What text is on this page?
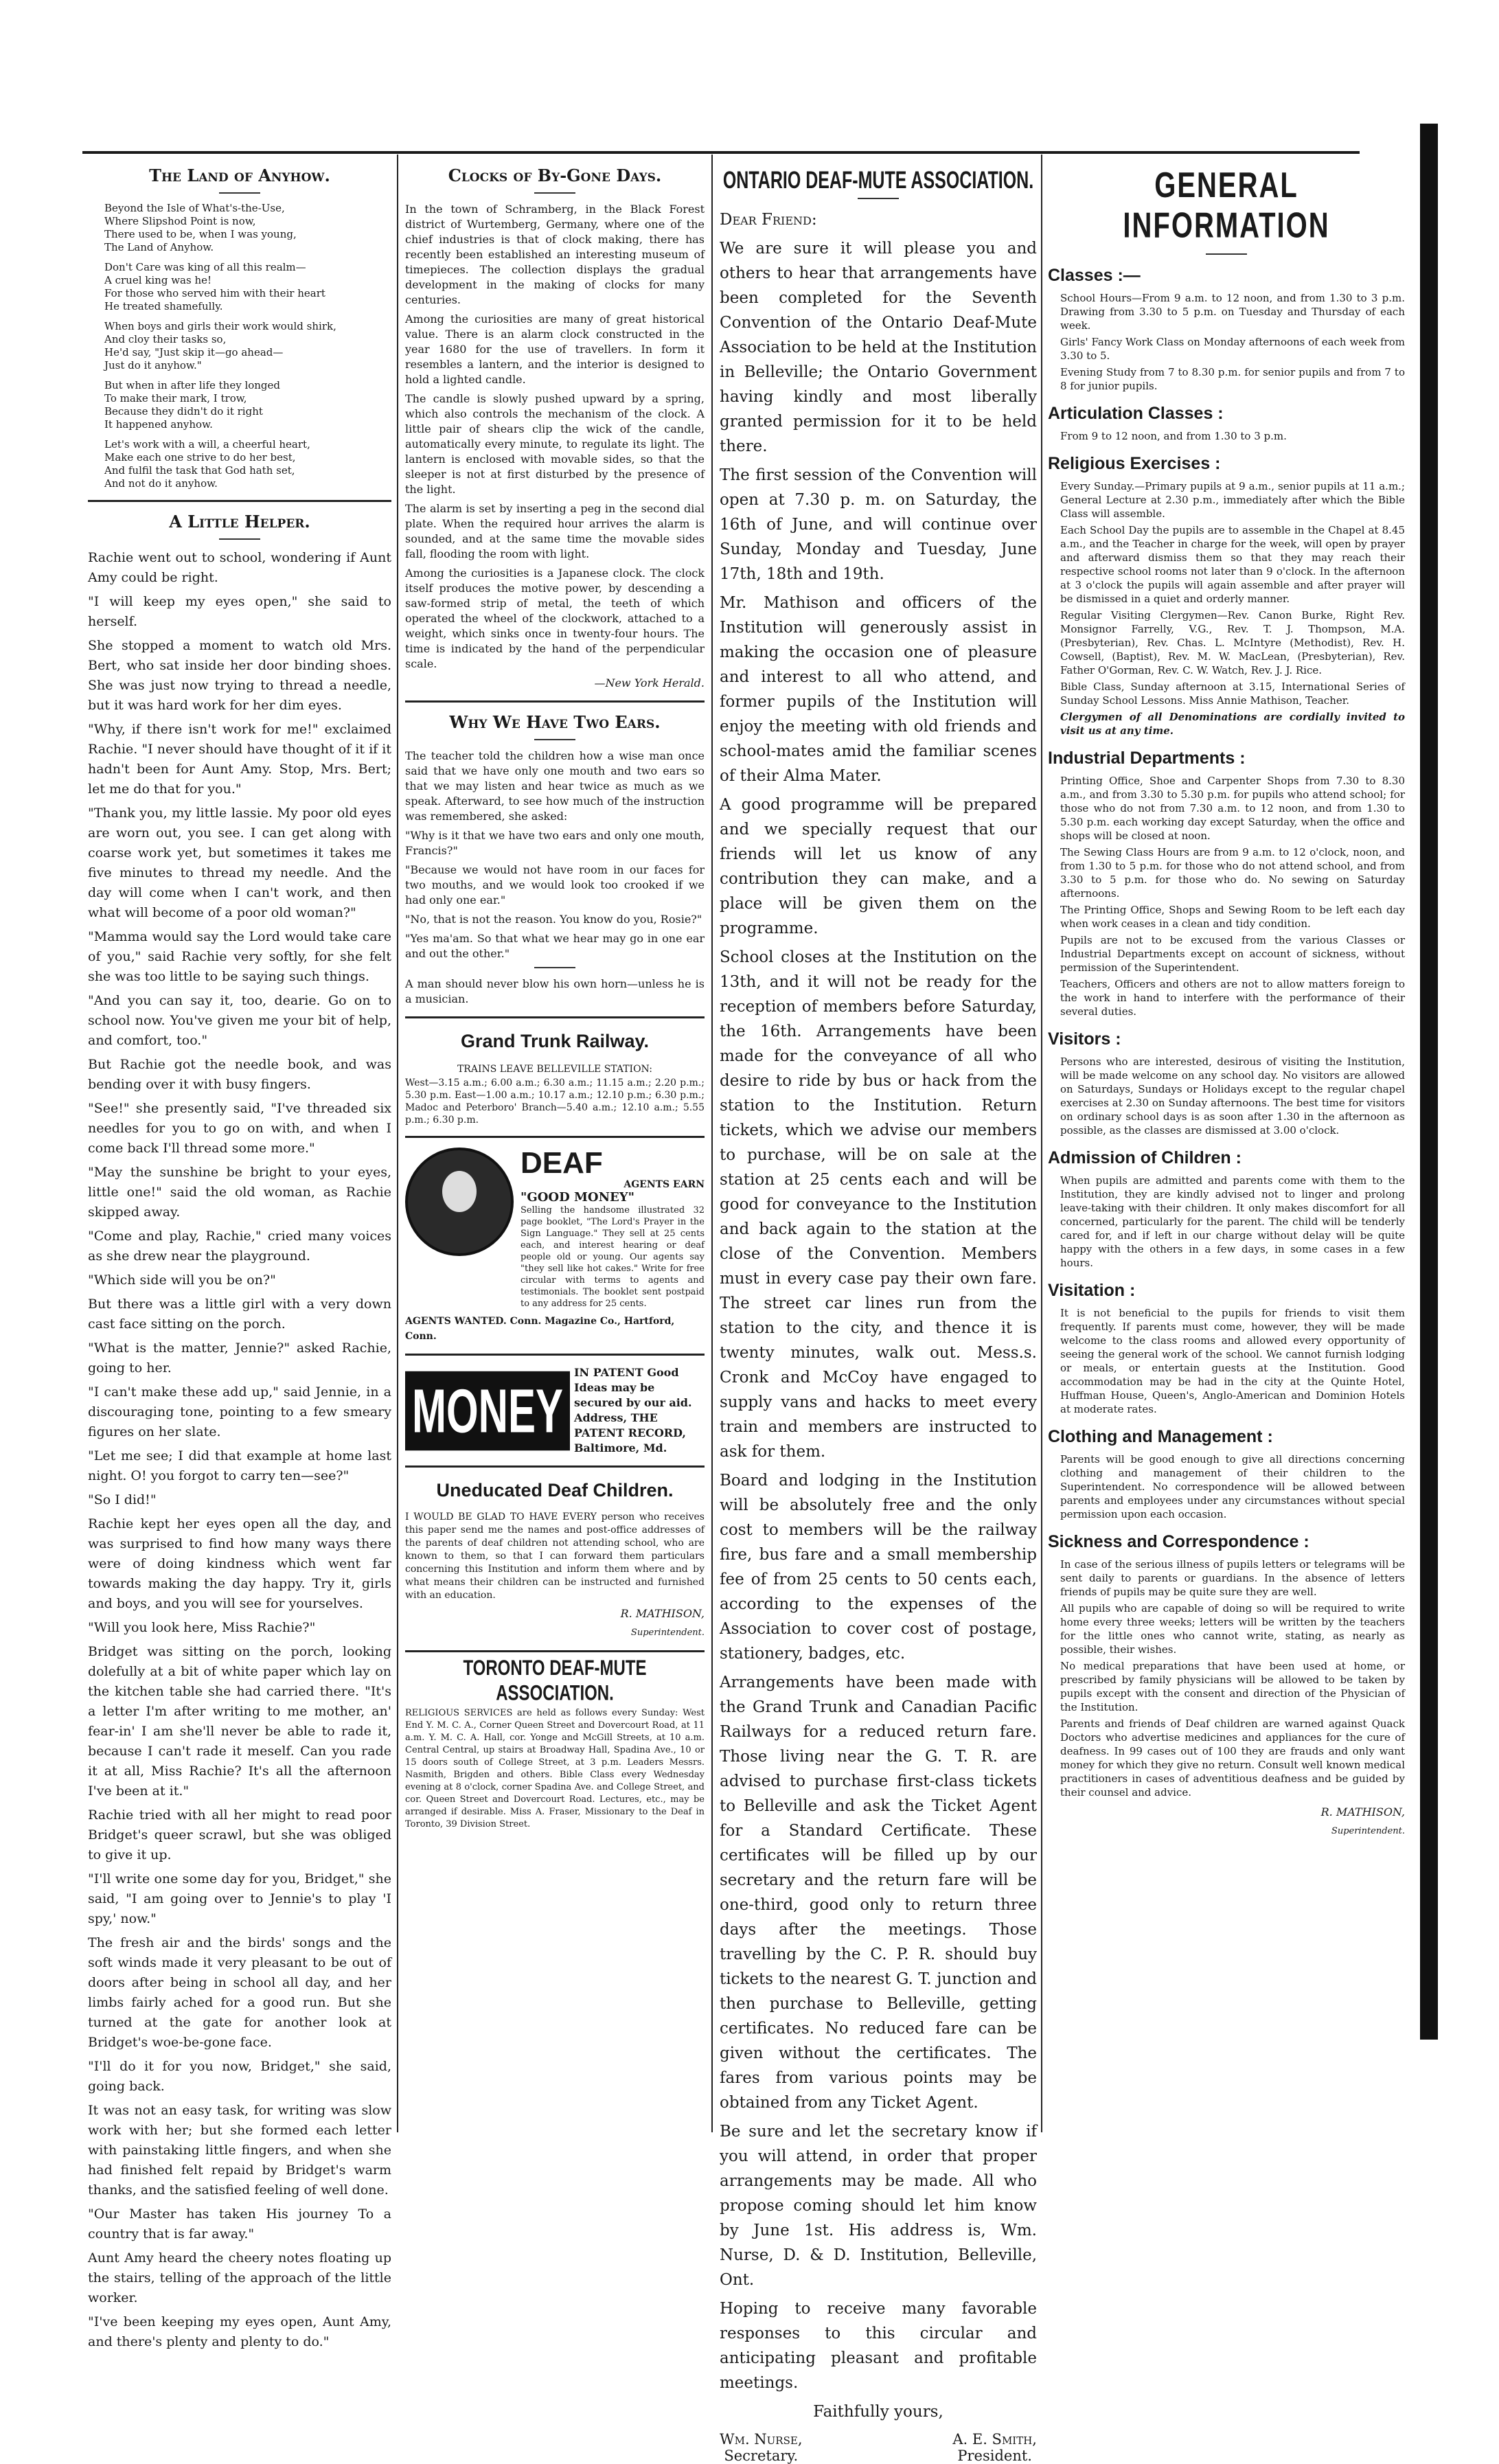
The Land of Anyhow.
Beyond the Isle of What's-the-Use,
Where Slipshod Point is now,
There used to be, when I was young,
The Land of Anyhow.
Don't Care was king of all this realm—
A cruel king was he!
For those who served him with their heart
He treated shamefully.
When boys and girls their work would shirk,
And cloy their tasks so,
He'd say, "Just skip it—go ahead—
Just do it anyhow."
But when in after life they longed
To make their mark, I trow,
Because they didn't do it right
It happened anyhow.
Let's work with a will, a cheerful heart,
Make each one strive to do her best,
And fulfil the task that God hath set,
And not do it anyhow.
A Little Helper.

Rachie went out to school, wondering if Aunt Amy could be right.

"I will keep my eyes open," she said to herself.

She stopped a moment to watch old Mrs. Bert, who sat inside her door binding shoes. She was just now trying to thread a needle, but it was hard work for her dim eyes.

"Why, if there isn't work for me!" exclaimed Rachie. "I never should have thought of it if it hadn't been for Aunt Amy. Stop, Mrs. Bert; let me do that for you."

"Thank you, my little lassie. My poor old eyes are worn out, you see. I can get along with coarse work yet, but sometimes it takes me five minutes to thread my needle. And the day will come when I can't work, and then what will become of a poor old woman?"

"Mamma would say the Lord would take care of you," said Rachie very softly, for she felt she was too little to be saying such things.

"And you can say it, too, dearie. Go on to school now. You've given me your bit of help, and comfort, too."

But Rachie got the needle book, and was bending over it with busy fingers.

"See!" she presently said, "I've threaded six needles for you to go on with, and when I come back I'll thread some more."

"May the sunshine be bright to your eyes, little one!" said the old woman, as Rachie skipped away.

"Come and play, Rachie," cried many voices as she drew near the playground.

"Which side will you be on?"

But there was a little girl with a very down cast face sitting on the porch.

"What is the matter, Jennie?" asked Rachie, going to her.

"I can't make these add up," said Jennie, in a discouraging tone, pointing to a few smeary figures on her slate.

"Let me see; I did that example at home last night. O! you forgot to carry ten—see?"

"So I did!"

Rachie kept her eyes open all the day, and was surprised to find how many ways there were of doing kindness which went far towards making the day happy. Try it, girls and boys, and you will see for yourselves.

"Will you look here, Miss Rachie?"

Bridget was sitting on the porch, looking dolefully at a bit of white paper which lay on the kitchen table she had carried there. "It's a letter I'm after writing to me mother, an' fear-in' I am she'll never be able to rade it, because I can't rade it meself. Can you rade it at all, Miss Rachie? It's all the afternoon I've been at it."

Rachie tried with all her might to read poor Bridget's queer scrawl, but she was obliged to give it up.

"I'll write one some day for you, Bridget," she said, "I am going over to Jennie's to play 'I spy,' now."

The fresh air and the birds' songs and the soft winds made it very pleasant to be out of doors after being in school all day, and her limbs fairly ached for a good run. But she turned at the gate for another look at Bridget's woe-be-gone face.

"I'll do it for you now, Bridget," she said, going back.

It was not an easy task, for writing was slow work with her; but she formed each letter with painstaking little fingers, and when she had finished felt repaid by Bridget's warm thanks, and the satisfied feeling of well done.

"Our Master has taken His journey To a country that is far away."

Aunt Amy heard the cheery notes floating up the stairs, telling of the approach of the little worker.

"I've been keeping my eyes open, Aunt Amy, and there's plenty and plenty to do."

Clocks of By-Gone Days.

In the town of Schramberg, in the Black Forest district of Wurtemberg, Germany, where one of the chief industries is that of clock making, there has recently been established an interesting museum of timepieces. The collection displays the gradual development in the making of clocks for many centuries.

Among the curiosities are many of great historical value. There is an alarm clock constructed in the year 1680 for the use of travellers. In form it resembles a lantern, and the interior is designed to hold a lighted candle.

The candle is slowly pushed upward by a spring, which also controls the mechanism of the clock. A little pair of shears clip the wick of the candle, automatically every minute, to regulate its light. The lantern is enclosed with movable sides, so that the sleeper is not at first disturbed by the presence of the light.

The alarm is set by inserting a peg in the second dial plate. When the required hour arrives the alarm is sounded, and at the same time the movable sides fall, flooding the room with light.

Among the curiosities is a Japanese clock. The clock itself produces the motive power, by descending a saw-formed strip of metal, the teeth of which operated the wheel of the clockwork, attached to a weight, which sinks once in twenty-four hours. The time is indicated by the hand of the perpendicular scale.

—New York Herald.

Why We Have Two Ears.

The teacher told the children how a wise man once said that we have only one mouth and two ears so that we may listen and hear twice as much as we speak. Afterward, to see how much of the instruction was remembered, she asked:

"Why is it that we have two ears and only one mouth, Francis?"

"Because we would not have room in our faces for two mouths, and we would look too crooked if we had only one ear."

"No, that is not the reason. You know do you, Rosie?"

"Yes ma'am. So that what we hear may go in one ear and out the other."

A man should never blow his own horn—unless he is a musician.

Grand Trunk Railway.
TRAINS LEAVE BELLEVILLE STATION:

West—3.15 a.m.; 6.00 a.m.; 6.30 a.m.; 11.15 a.m.; 2.20 p.m.; 5.30 p.m. East—1.00 a.m.; 10.17 a.m.; 12.10 p.m.; 6.30 p.m.; Madoc and Peterboro' Branch—5.40 a.m.; 12.10 a.m.; 5.55 p.m.; 6.30 p.m.

DEAF
AGENTS EARN
"GOOD MONEY"

Selling the handsome illustrated 32 page booklet, "The Lord's Prayer in the Sign Language." They sell at 25 cents each, and interest hearing or deaf people old or young. Our agents say "they sell like hot cakes." Write for free circular with terms to agents and testimonials. The booklet sent postpaid to any address for 25 cents.

AGENTS WANTED. Conn. Magazine Co., Hartford, Conn.
MONEY
IN PATENT Good Ideas may be secured by our aid. Address, THE PATENT RECORD, Baltimore, Md.
Uneducated Deaf Children.

I WOULD BE GLAD TO HAVE EVERY person who receives this paper send me the names and post-office addresses of the parents of deaf children not attending school, who are known to them, so that I can forward them particulars concerning this Institution and inform them where and by what means their children can be instructed and furnished with an education.

R. MATHISON,

Superintendent.

TORONTO DEAF-MUTE ASSOCIATION.

RELIGIOUS SERVICES are held as follows every Sunday: West End Y. M. C. A., Corner Queen Street and Dovercourt Road, at 11 a.m. Y. M. C. A. Hall, cor. Yonge and McGill Streets, at 10 a.m. Central Central, up stairs at Broadway Hall, Spadina Ave., 10 or 15 doors south of College Street, at 3 p.m. Leaders Messrs. Nasmith, Brigden and others. Bible Class every Wednesday evening at 8 o'clock, corner Spadina Ave. and College Street, and cor. Queen Street and Dovercourt Road. Lectures, etc., may be arranged if desirable. Miss A. Fraser, Missionary to the Deaf in Toronto, 39 Division Street.

ONTARIO DEAF-MUTE ASSOCIATION.

Dear Friend:

We are sure it will please you and others to hear that arrangements have been completed for the Seventh Convention of the Ontario Deaf-Mute Association to be held at the Institution in Belleville; the Ontario Government having kindly and most liberally granted permission for it to be held there.

The first session of the Convention will open at 7.30 p. m. on Saturday, the 16th of June, and will continue over Sunday, Monday and Tuesday, June 17th, 18th and 19th.

Mr. Mathison and officers of the Institution will generously assist in making the occasion one of pleasure and interest to all who attend, and former pupils of the Institution will enjoy the meeting with old friends and school-mates amid the familiar scenes of their Alma Mater.

A good programme will be prepared and we specially request that our friends will let us know of any contribution they can make, and a place will be given them on the programme.

School closes at the Institution on the 13th, and it will not be ready for the reception of members before Saturday, the 16th. Arrangements have been made for the conveyance of all who desire to ride by bus or hack from the station to the Institution. Return tickets, which we advise our members to purchase, will be on sale at the station at 25 cents each and will be good for conveyance to the Institution and back again to the station at the close of the Convention. Members must in every case pay their own fare. The street car lines run from the station to the city, and thence it is twenty minutes, walk out. Mess.s. Cronk and McCoy have engaged to supply vans and hacks to meet every train and members are instructed to ask for them.

Board and lodging in the Institution will be absolutely free and the only cost to members will be the railway fire, bus fare and a small membership fee of from 25 cents to 50 cents each, according to the expenses of the Association to cover cost of postage, stationery, badges, etc.

Arrangements have been made with the Grand Trunk and Canadian Pacific Railways for a reduced return fare. Those living near the G. T. R. are advised to purchase first-class tickets to Belleville and ask the Ticket Agent for a Standard Certificate. These certificates will be filled up by our secretary and the return fare will be one-third, good only to return three days after the meetings. Those travelling by the C. P. R. should buy tickets to the nearest G. T. junction and then purchase to Belleville, getting certificates. No reduced fare can be given without the certificates. The fares from various points may be obtained from any Ticket Agent.

Be sure and let the secretary know if you will attend, in order that proper arrangements may be made. All who propose coming should let him know by June 1st. His address is, Wm. Nurse, D. & D. Institution, Belleville, Ont.

Hoping to receive many favorable responses to this circular and anticipating pleasant and profitable meetings.

Faithfully yours,

Wm. Nurse,
Secretary.
A. E. Smith,
President.
GENERAL INFORMATION
Classes :—

School Hours—From 9 a.m. to 12 noon, and from 1.30 to 3 p.m. Drawing from 3.30 to 5 p.m. on Tuesday and Thursday of each week.

Girls' Fancy Work Class on Monday afternoons of each week from 3.30 to 5.

Evening Study from 7 to 8.30 p.m. for senior pupils and from 7 to 8 for junior pupils.

Articulation Classes :

From 9 to 12 noon, and from 1.30 to 3 p.m.

Religious Exercises :

Every Sunday.—Primary pupils at 9 a.m., senior pupils at 11 a.m.; General Lecture at 2.30 p.m., immediately after which the Bible Class will assemble.

Each School Day the pupils are to assemble in the Chapel at 8.45 a.m., and the Teacher in charge for the week, will open by prayer and afterward dismiss them so that they may reach their respective school rooms not later than 9 o'clock. In the afternoon at 3 o'clock the pupils will again assemble and after prayer will be dismissed in a quiet and orderly manner.

Regular Visiting Clergymen—Rev. Canon Burke, Right Rev. Monsignor Farrelly, V.G., Rev. T. J. Thompson, M.A. (Presbyterian), Rev. Chas. L. McIntyre (Methodist), Rev. H. Cowsell, (Baptist), Rev. M. W. MacLean, (Presbyterian), Rev. Father O'Gorman, Rev. C. W. Watch, Rev. J. J. Rice.

Bible Class, Sunday afternoon at 3.15, International Series of Sunday School Lessons. Miss Annie Mathison, Teacher.

Clergymen of all Denominations are cordially invited to visit us at any time.

Industrial Departments :

Printing Office, Shoe and Carpenter Shops from 7.30 to 8.30 a.m., and from 3.30 to 5.30 p.m. for pupils who attend school; for those who do not from 7.30 a.m. to 12 noon, and from 1.30 to 5.30 p.m. each working day except Saturday, when the office and shops will be closed at noon.

The Sewing Class Hours are from 9 a.m. to 12 o'clock, noon, and from 1.30 to 5 p.m. for those who do not attend school, and from 3.30 to 5 p.m. for those who do. No sewing on Saturday afternoons.

The Printing Office, Shops and Sewing Room to be left each day when work ceases in a clean and tidy condition.

Pupils are not to be excused from the various Classes or Industrial Departments except on account of sickness, without permission of the Superintendent.

Teachers, Officers and others are not to allow matters foreign to the work in hand to interfere with the performance of their several duties.

Visitors :

Persons who are interested, desirous of visiting the Institution, will be made welcome on any school day. No visitors are allowed on Saturdays, Sundays or Holidays except to the regular chapel exercises at 2.30 on Sunday afternoons. The best time for visitors on ordinary school days is as soon after 1.30 in the afternoon as possible, as the classes are dismissed at 3.00 o'clock.

Admission of Children :

When pupils are admitted and parents come with them to the Institution, they are kindly advised not to linger and prolong leave-taking with their children. It only makes discomfort for all concerned, particularly for the parent. The child will be tenderly cared for, and if left in our charge without delay will be quite happy with the others in a few days, in some cases in a few hours.

Visitation :

It is not beneficial to the pupils for friends to visit them frequently. If parents must come, however, they will be made welcome to the class rooms and allowed every opportunity of seeing the general work of the school. We cannot furnish lodging or meals, or entertain guests at the Institution. Good accommodation may be had in the city at the Quinte Hotel, Huffman House, Queen's, Anglo-American and Dominion Hotels at moderate rates.

Clothing and Management :

Parents will be good enough to give all directions concerning clothing and management of their children to the Superintendent. No correspondence will be allowed between parents and employees under any circumstances without special permission upon each occasion.

Sickness and Correspondence :

In case of the serious illness of pupils letters or telegrams will be sent daily to parents or guardians. In the absence of letters friends of pupils may be quite sure they are well.

All pupils who are capable of doing so will be required to write home every three weeks; letters will be written by the teachers for the little ones who cannot write, stating, as nearly as possible, their wishes.

No medical preparations that have been used at home, or prescribed by family physicians will be allowed to be taken by pupils except with the consent and direction of the Physician of the Institution.

Parents and friends of Deaf children are warned against Quack Doctors who advertise medicines and appliances for the cure of deafness. In 99 cases out of 100 they are frauds and only want money for which they give no return. Consult well known medical practitioners in cases of adventitious deafness and be guided by their counsel and advice.

R. MATHISON,

Superintendent.
